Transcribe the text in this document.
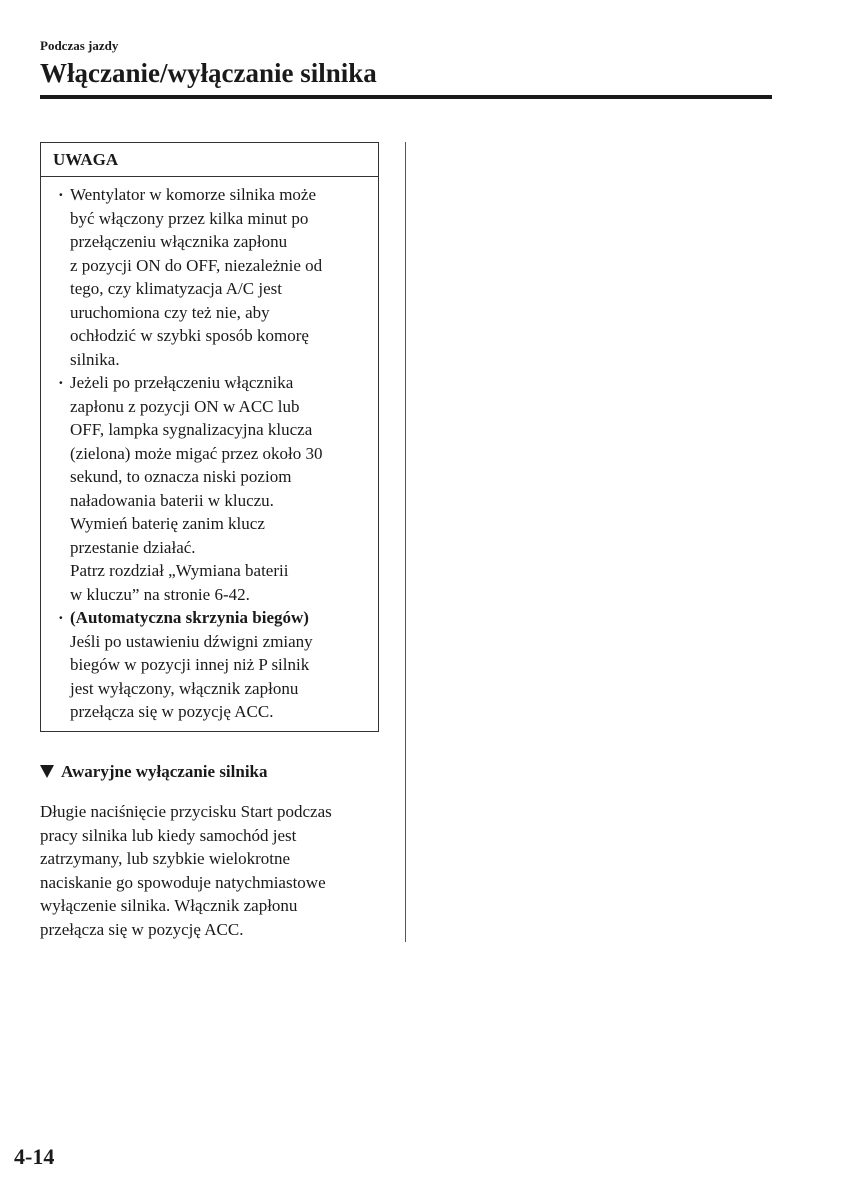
Podczas jazdy
Włączanie/wyłączanie silnika
UWAGA
· Wentylator w komorze silnika może
być włączony przez kilka minut po
przełączeniu włącznika zapłonu
z pozycji ON do OFF, niezależnie od
tego, czy klimatyzacja A/C jest
uruchomiona czy też nie, aby
ochłodzić w szybki sposób komorę
silnika.
· Jeżeli po przełączeniu włącznika
zapłonu z pozycji ON w ACC lub
OFF, lampka sygnalizacyjna klucza
(zielona) może migać przez około 30
sekund, to oznacza niski poziom
naładowania baterii w kluczu.
Wymień baterię zanim klucz
przestanie działać.
Patrz rozdział „Wymiana baterii
w kluczu” na stronie 6-42.
· (Automatyczna skrzynia biegów)
Jeśli po ustawieniu dźwigni zmiany
biegów w pozycji innej niż P silnik
jest wyłączony, włącznik zapłonu
przełącza się w pozycję ACC.
Awaryjne wyłączanie silnika

Długie naciśnięcie przycisku Start podczas
pracy silnika lub kiedy samochód jest
zatrzymany, lub szybkie wielokrotne
naciskanie go spowoduje natychmiastowe
wyłączenie silnika. Włącznik zapłonu
przełącza się w pozycję ACC.

4-14
